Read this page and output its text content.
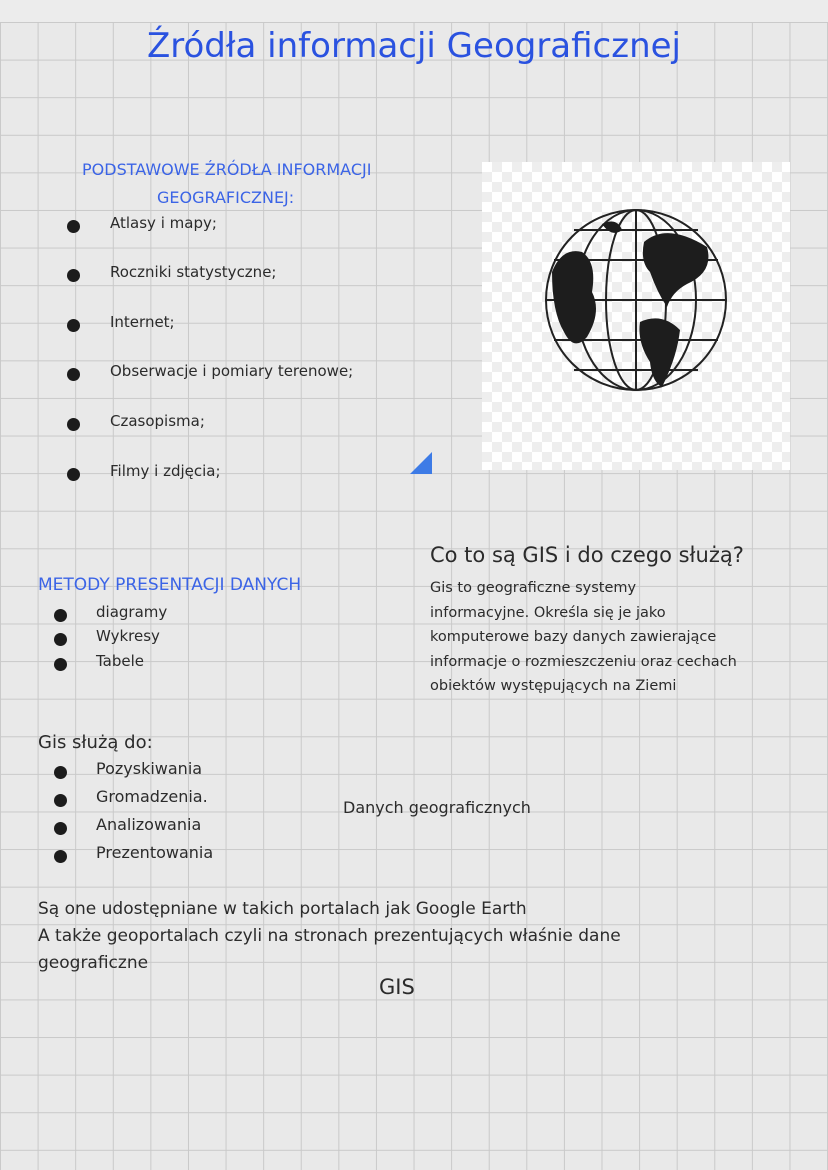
Źródła informacji Geograficznej
PODSTAWOWE ŹRÓDŁA INFORMACJI
GEOGRAFICZNEJ:
Atlasy i mapy;
Roczniki statystyczne;
Internet;
Obserwacje i pomiary terenowe;
Czasopisma;
Filmy i zdjęcia;
Co to są GIS i do czego służą?
Gis to geograficzne systemy
informacyjne. Określa się je jako
komputerowe bazy danych zawierające
informacje o rozmieszczeniu oraz cechach
obiektów występujących na Ziemi
METODY PRESENTACJI DANYCH
diagramy
Wykresy
Tabele
Gis służą do:
Pozyskiwania
Gromadzenia.
Analizowania
Prezentowania
Danych geograficznych
Są one udostępniane w takich portalach jak Google Earth
A także geoportalach czyli na stronach prezentujących właśnie dane
geograficzne
GIS
